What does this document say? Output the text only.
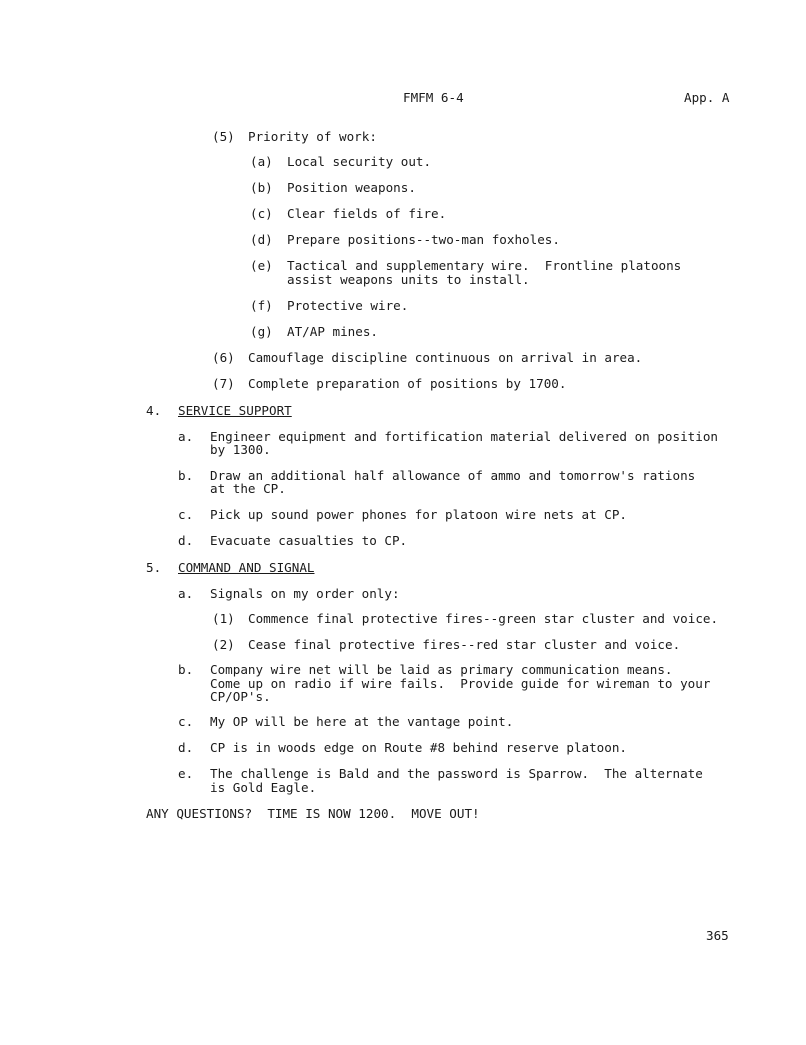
FMFM 6-4	App. A
(5) Priority of work:
(a) Local security out.
(b) Position weapons.
(c) Clear fields of fire.
(d) Prepare positions--two-man foxholes.
(e) Tactical and supplementary wire.  Frontline platoons
assist weapons units to install.
(f) Protective wire.
(g) AT/AP mines.
(6) Camouflage discipline continuous on arrival in area.
(7) Complete preparation of positions by 1700.
4. SERVICE SUPPORT
a. Engineer equipment and fortification material delivered on position
by 1300.
b. Draw an additional half allowance of ammo and tomorrow's rations
at the CP.
c. Pick up sound power phones for platoon wire nets at CP.
d. Evacuate casualties to CP.
5. COMMAND AND SIGNAL
a. Signals on my order only:
(1) Commence final protective fires--green star cluster and voice.
(2) Cease final protective fires--red star cluster and voice.
b. Company wire net will be laid as primary communication means.
Come up on radio if wire fails.  Provide guide for wireman to your
CP/OP's.
c. My OP will be here at the vantage point.
d. CP is in woods edge on Route #8 behind reserve platoon.
e. The challenge is Bald and the password is Sparrow.  The alternate
is Gold Eagle.
ANY QUESTIONS?  TIME IS NOW 1200.  MOVE OUT!
365
